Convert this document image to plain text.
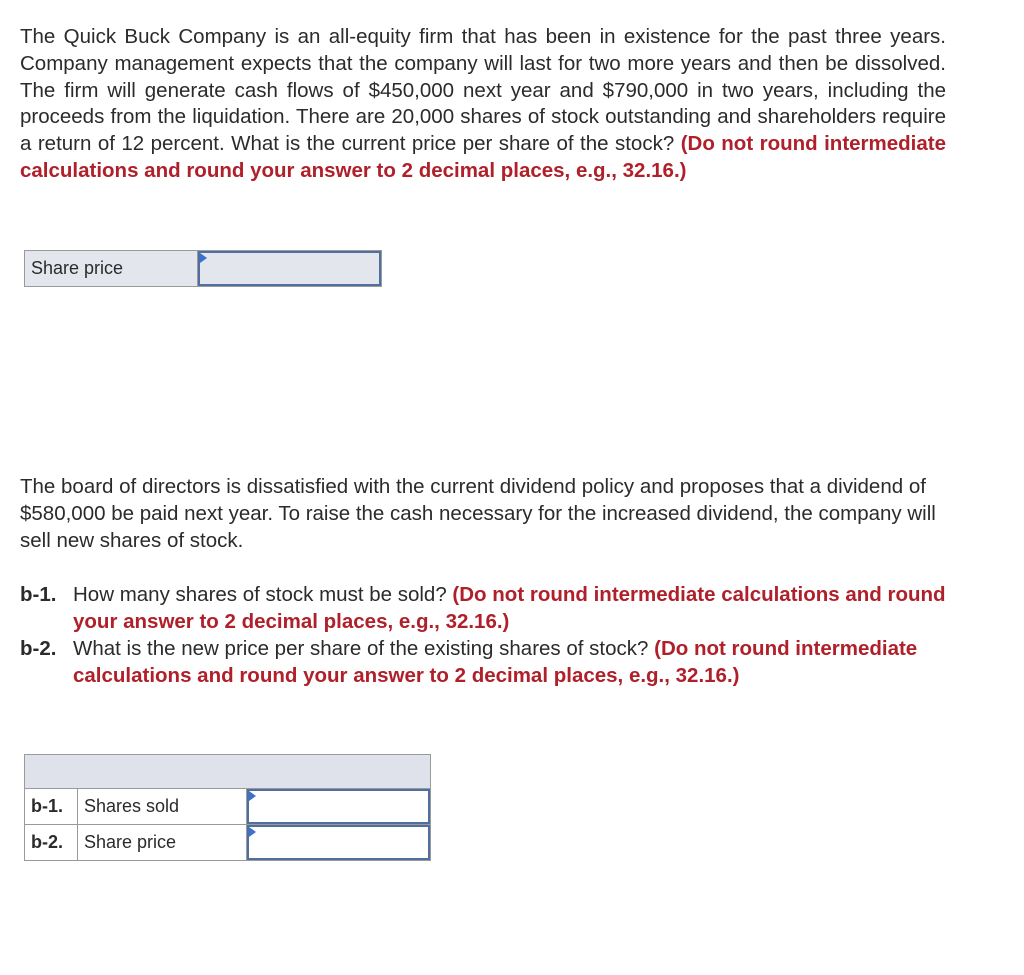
The Quick Buck Company is an all-equity firm that has been in existence for the past three years. Company management expects that the company will last for two more years and then be dissolved. The firm will generate cash flows of $450,000 next year and $790,000 in two years, including the proceeds from the liquidation. There are 20,000 shares of stock outstanding and shareholders require a return of 12 percent. What is the current price per share of the stock? (Do not round intermediate calculations and round your answer to 2 decimal places, e.g., 32.16.)

Share price	

The board of directors is dissatisfied with the current dividend policy and proposes that a dividend of $580,000 be paid next year. To raise the cash necessary for the increased dividend, the company will sell new shares of stock.

b-1. How many shares of stock must be sold? (Do not round intermediate calculations and round your answer to 2 decimal places, e.g., 32.16.)
b-2. What is the new price per share of the existing shares of stock? (Do not round intermediate calculations and round your answer to 2 decimal places, e.g., 32.16.)

b-1.	Shares sold	

b-2.	Share price	
